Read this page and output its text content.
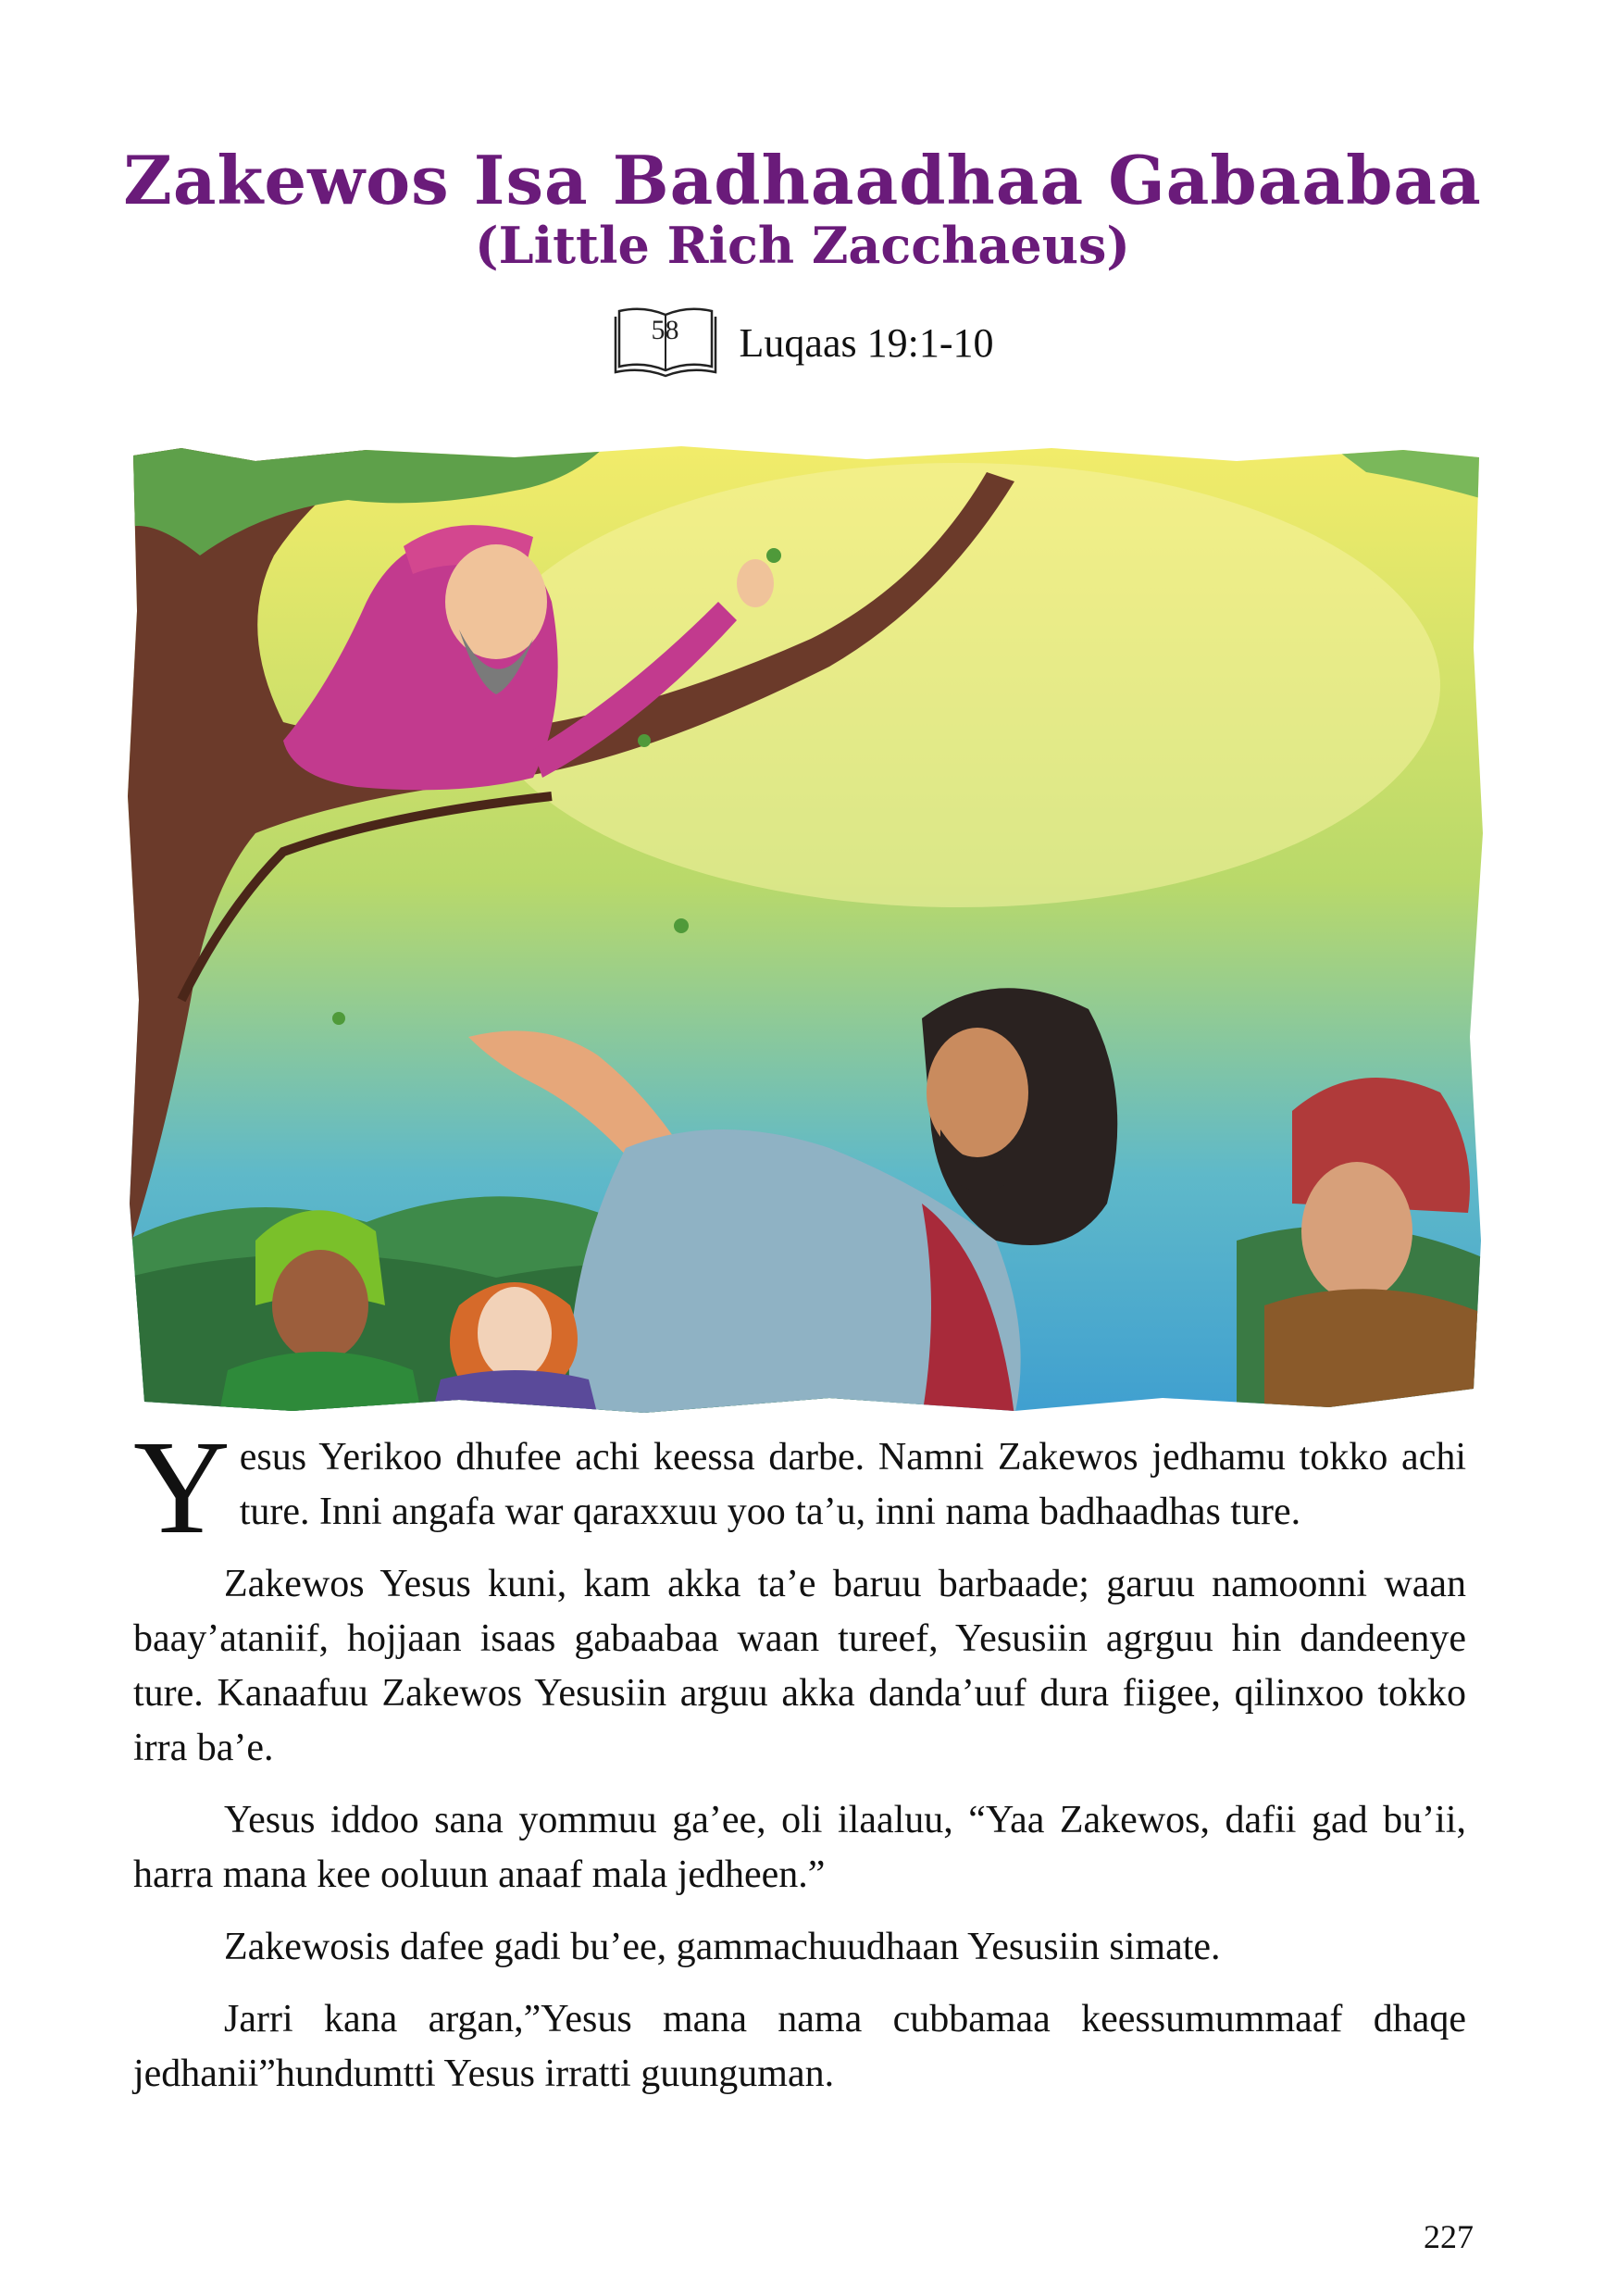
Zakewos Isa Badhaadhaa Gabaabaa
(Little Rich Zacchaeus)
58	Luqaas 19:1-10

Yesus Yerikoo dhufee achi keessa darbe. Namni Zakewos jedhamu tokko achi ture. Inni angafa war qaraxxuu yoo ta’u, inni nama badhaadhas ture.

Zakewos Yesus kuni, kam akka ta’e baruu barbaade; garuu namoonni waan baay’ataniif, hojjaan isaas gabaabaa waan tureef, Yesusiin agrguu hin dandeenye ture. Kanaafuu Zakewos Yesusiin arguu akka danda’uuf dura fiigee, qilinxoo tokko irra ba’e.

Yesus iddoo sana yommuu ga’ee, oli ilaaluu, “Yaa Zakewos, dafii gad bu’ii, harra mana kee ooluun anaaf mala jedheen.”

Zakewosis dafee gadi bu’ee, gammachuudhaan Yesusiin simate.

Jarri kana argan,”Yesus mana nama cubbamaa keessumummaaf dhaqe jedhanii”hundumtti Yesus irratti guunguman.

227
